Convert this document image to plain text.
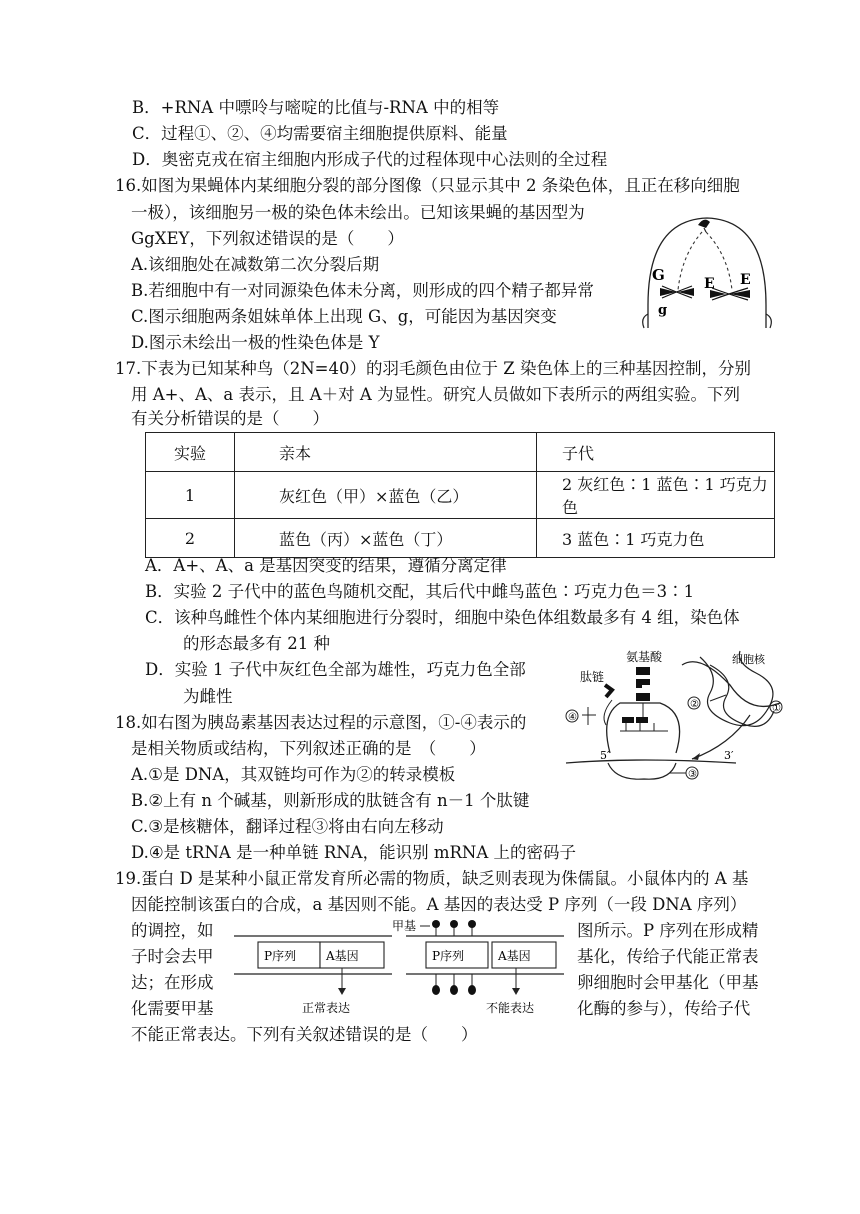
B．+RNA 中嘌呤与嘧啶的比值与-RNA 中的相等
C．过程①、②、④均需要宿主细胞提供原料、能量
D．奥密克戎在宿主细胞内形成子代的过程体现中心法则的全过程
16.如图为果蝇体内某细胞分裂的部分图像（只显示其中 2 条染色体，且正在移向细胞
一极），该细胞另一极的染色体未绘出。已知该果蝇的基因型为
GgXEY，下列叙述错误的是（　　）
A.该细胞处在减数第二次分裂后期
B.若细胞中有一对同源染色体未分离，则形成的四个精子都异常
C.图示细胞两条姐妹单体上出现 G、g，可能因为基因突变
D.图示未绘出一极的性染色体是 Y
G
g
E E
17.下表为已知某种鸟（2N=40）的羽毛颜色由位于 Z 染色体上的三种基因控制，分别
用 A+、A、a 表示，且 A＋对 A 为显性。研究人员做如下表所示的两组实验。下列
有关分析错误的是（　　）
实验	亲本	子代
1	灰红色（甲）×蓝色（乙）	2 灰红色∶1 蓝色∶1 巧克力色
2	蓝色（丙）×蓝色（丁）	3 蓝色∶1 巧克力色
A．A+、A、a 是基因突变的结果，遵循分离定律
B．实验 2 子代中的蓝色鸟随机交配，其后代中雌鸟蓝色∶巧克力色＝3∶1
C．该种鸟雌性个体内某细胞进行分裂时，细胞中染色体组数最多有 4 组，染色体
的形态最多有 21 种
D．实验 1 子代中灰红色全部为雄性，巧克力色全部
为雌性
氨基酸	细胞核
肽链
②	①
④
5′	3′
③
18.如右图为胰岛素基因表达过程的示意图，①-④表示的
是相关物质或结构，下列叙述正确的是　（　　）
A.①是 DNA，其双链均可作为②的转录模板
B.②上有 n 个碱基，则新形成的肽链含有 n－1 个肽键
C.③是核糖体，翻译过程③将由右向左移动
D.④是 tRNA 是一种单链 RNA，能识别 mRNA 上的密码子
19.蛋白 D 是某种小鼠正常发育所必需的物质，缺乏则表现为侏儒鼠。小鼠体内的 A 基
因能控制该蛋白的合成，a 基因则不能。A 基因的表达受 P 序列（一段 DNA 序列）
的调控，如
子时会去甲
达；在形成
化需要甲基
图所示。P 序列在形成精
基化，传给子代能正常表
卵细胞时会甲基化（甲基
化酶的参与），传给子代
不能正常表达。下列有关叙述错误的是（　　）
P序列 A基因
正常表达
甲基
P序列	A基因
不能表达
